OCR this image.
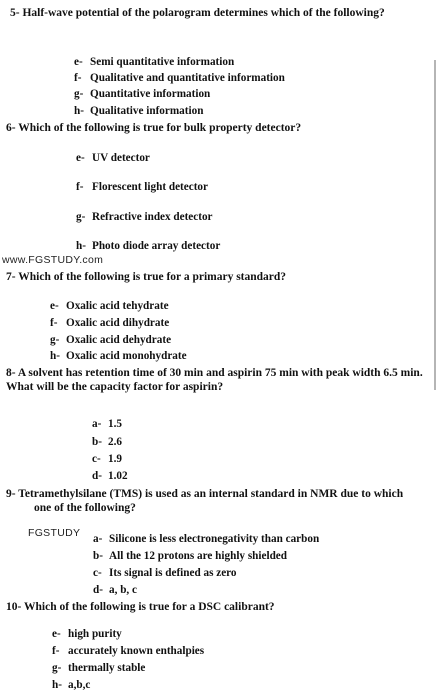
5- Half-wave potential of the polarogram determines which of the following?
e- Semi quantitative information
f- Qualitative and quantitative information
g- Quantitative information
h- Qualitative information
6- Which of the following is true for bulk property detector?
e- UV detector
f- Florescent light detector
g- Refractive index detector
www.FGSTUDY.com
h- Photo diode array detector
7- Which of the following is true for a primary standard?
e- Oxalic acid tehydrate
f- Oxalic acid dihydrate
g- Oxalic acid dehydrate
h- Oxalic acid monohydrate
8- A solvent has retention time of 30 min and aspirin 75 min with peak width 6.5 min. What will be the capacity factor for aspirin?
a- 1.5
b- 2.6
c- 1.9
d- 1.02
9- Tetramethylsilane (TMS) is used as an internal standard in NMR due to which one of the following?
FGSTUDY a- Silicone is less electronegativity than carbon
b- All the 12 protons are highly shielded
c- Its signal is defined as zero
d- a, b, c
10- Which of the following is true for a DSC calibrant?
e- high purity
f- accurately known enthalpies
g- thermally stable
h- a,b,c
